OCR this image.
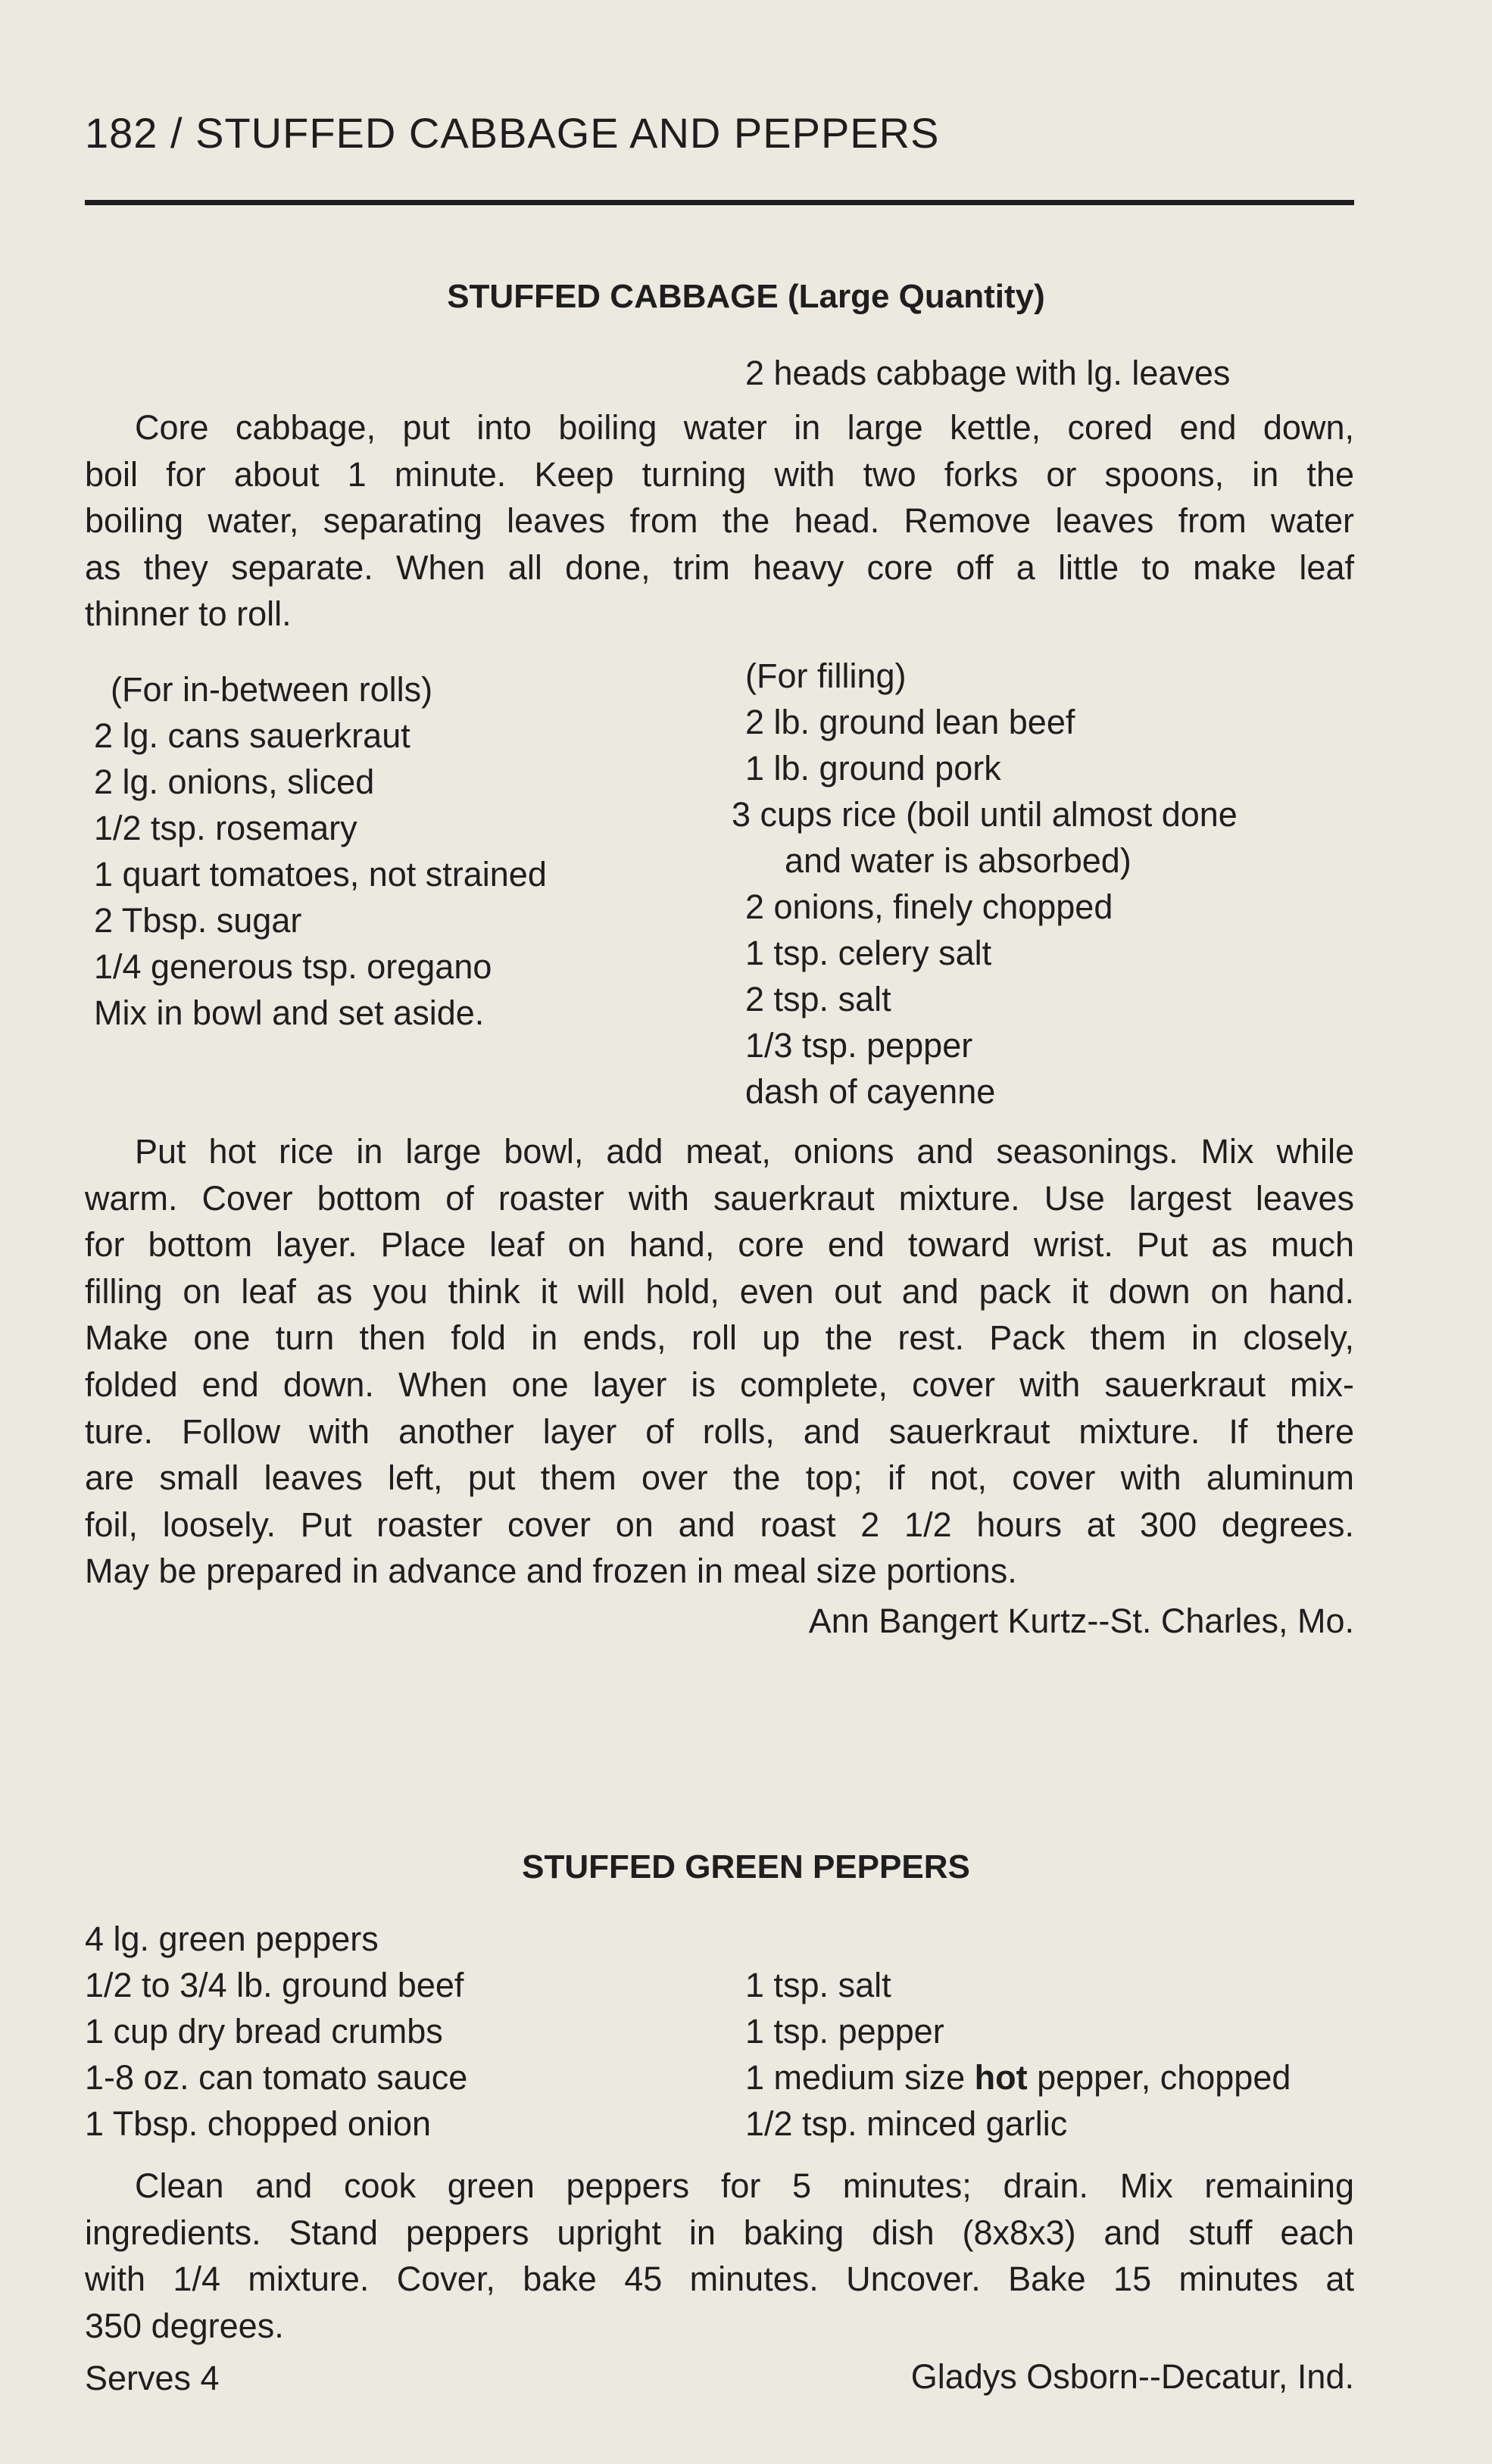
182 / STUFFED CABBAGE AND PEPPERS
STUFFED CABBAGE (Large Quantity)
2 heads cabbage with lg. leaves
Core cabbage, put into boiling water in large kettle, cored end down,
boil for about 1 minute. Keep turning with two forks or spoons, in the
boiling water, separating leaves from the head. Remove leaves from water
as they separate. When all done, trim heavy core off a little to make leaf
thinner to roll.
(For in-between rolls)
2 lg. cans sauerkraut
2 lg. onions, sliced
1/2 tsp. rosemary
1 quart tomatoes, not strained
2 Tbsp. sugar
1/4 generous tsp. oregano
Mix in bowl and set aside.
(For filling)
2 lb. ground lean beef
1 lb. ground pork
3 cups rice (boil until almost done
and water is absorbed)
2 onions, finely chopped
1 tsp. celery salt
2 tsp. salt
1/3 tsp. pepper
dash of cayenne
Put hot rice in large bowl, add meat, onions and seasonings. Mix while
warm. Cover bottom of roaster with sauerkraut mixture. Use largest leaves
for bottom layer. Place leaf on hand, core end toward wrist. Put as much
filling on leaf as you think it will hold, even out and pack it down on hand.
Make one turn then fold in ends, roll up the rest. Pack them in closely,
folded end down. When one layer is complete, cover with sauerkraut mix-
ture. Follow with another layer of rolls, and sauerkraut mixture. If there
are small leaves left, put them over the top; if not, cover with aluminum
foil, loosely. Put roaster cover on and roast 2 1/2 hours at 300 degrees.
May be prepared in advance and frozen in meal size portions.
Ann Bangert Kurtz--St. Charles, Mo.
STUFFED GREEN PEPPERS
4 lg. green peppers
1/2 to 3/4 lb. ground beef
1 cup dry bread crumbs
1-8 oz. can tomato sauce
1 Tbsp. chopped onion
1 tsp. salt
1 tsp. pepper
1 medium size hot pepper, chopped
1/2 tsp. minced garlic
Clean and cook green peppers for 5 minutes; drain. Mix remaining
ingredients. Stand peppers upright in baking dish (8x8x3) and stuff each
with 1/4 mixture. Cover, bake 45 minutes. Uncover. Bake 15 minutes at
350 degrees.
Serves 4	Gladys Osborn--Decatur, Ind.
